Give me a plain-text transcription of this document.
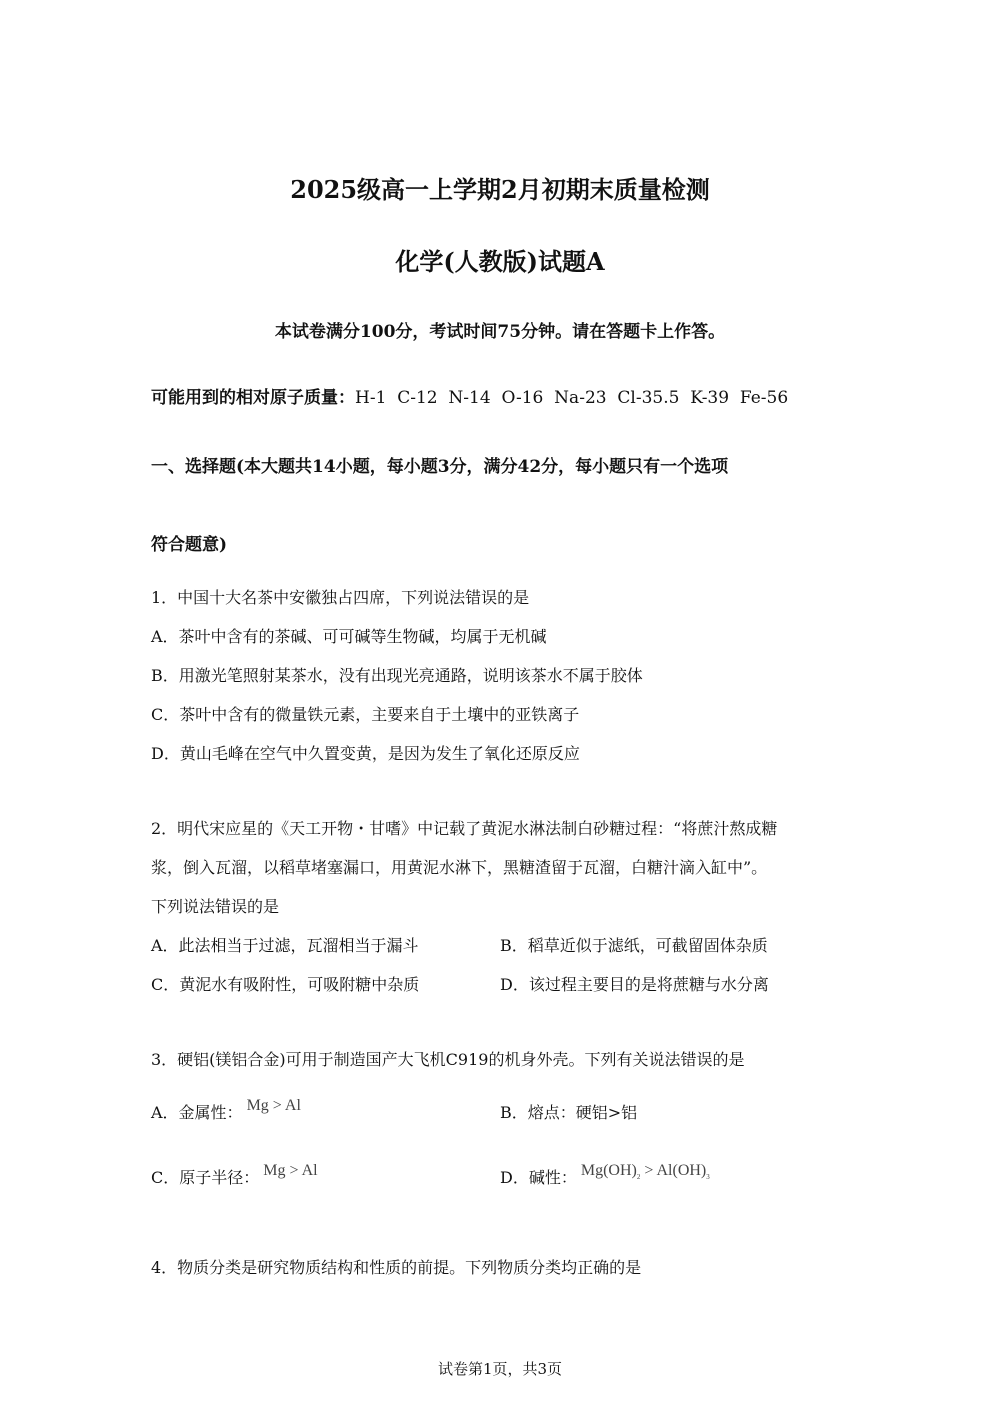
2025级高一上学期2月初期末质量检测
化学(人教版)试题A
本试卷满分100分，考试时间75分钟。请在答题卡上作答。
可能用到的相对原子质量：H-1  C-12  N-14  O-16  Na-23  Cl-35.5  K-39  Fe-56
一、选择题(本大题共14小题，每小题3分，满分42分，每小题只有一个选项
符合题意)
1．中国十大名茶中安徽独占四席，下列说法错误的是
A．茶叶中含有的茶碱、可可碱等生物碱，均属于无机碱
B．用激光笔照射某茶水，没有出现光亮通路，说明该茶水不属于胶体
C．茶叶中含有的微量铁元素，主要来自于土壤中的亚铁离子
D．黄山毛峰在空气中久置变黄，是因为发生了氧化还原反应
2．明代宋应星的《天工开物・甘嗜》中记载了黄泥水淋法制白砂糖过程：“将蔗汁熬成糖
浆，倒入瓦溜，以稻草堵塞漏口，用黄泥水淋下，黑糖渣留于瓦溜，白糖汁滴入缸中”。
下列说法错误的是
A．此法相当于过滤，瓦溜相当于漏斗	B．稻草近似于滤纸，可截留固体杂质
C．黄泥水有吸附性，可吸附糖中杂质	D．该过程主要目的是将蔗糖与水分离
3．硬铝(镁铝合金)可用于制造国产大飞机C919的机身外壳。下列有关说法错误的是
A．金属性： Mg > Al	B．熔点：硬铝>铝
C．原子半径： Mg > Al	D．碱性： $Mg(OH)_2 > Al(OH)_3$
4．物质分类是研究物质结构和性质的前提。下列物质分类均正确的是
试卷第1页，共3页
